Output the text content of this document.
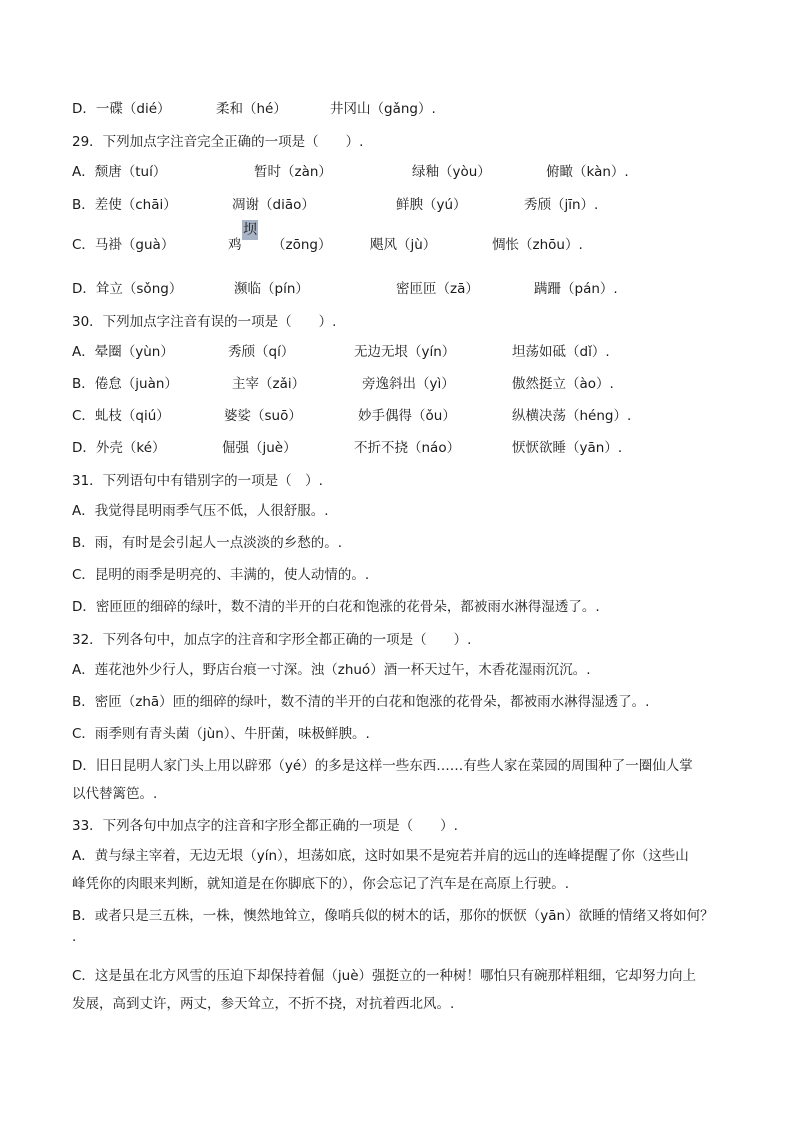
D．一碟（dié）	柔和（hé）	井冈山（gǎng）.
29．下列加点字注音完全正确的一项是（　　）.
A．颓唐（tuí）	暂时（zàn）	绿釉（yòu）	俯瞰（kàn）.
B．差使（chāi）	凋谢（diāo）	鲜腴（yú）	秀颀（jīn）.
C．马褂（guà）	鸡 （zōng）	飓风（jù）	惆怅（zhōu）.
D．耸立（sǒng）	濒临（pín）	密匝匝（zā）	蹒跚（pán）.
30．下列加点字注音有误的一项是（　　）.
A．晕圈（yùn）	秀颀（qí）	无边无垠（yín）	坦荡如砥（dǐ）.
B．倦怠（juàn）	主宰（zǎi）	旁逸斜出（yì）	傲然挺立（ào）.
C．虬枝（qiú）	婆娑（suō）	妙手偶得（ǒu）	纵横决荡（héng）.
D．外壳（ké）	倔强（juè）	不折不挠（náo）	恹恹欲睡（yān）.
31．下列语句中有错别字的一项是（　）.
A．我觉得昆明雨季气压不低，人很舒服。.
B．雨，有时是会引起人一点淡淡的乡愁的。.
C．昆明的雨季是明亮的、丰满的，使人动情的。.
D．密匝匝的细碎的绿叶，数不清的半开的白花和饱涨的花骨朵，都被雨水淋得湿透了。.
32．下列各句中，加点字的注音和字形全都正确的一项是（　　）.
A．莲花池外少行人，野店台痕一寸深。浊（zhuó）酒一杯天过午，木香花湿雨沉沉。.
B．密匝（zhā）匝的细碎的绿叶，数不清的半开的白花和饱涨的花骨朵，都被雨水淋得湿透了。.
C．雨季则有青头菌（jùn）、牛肝菌，味极鲜腴。.
D．旧日昆明人家门头上用以辟邪（yé）的多是这样一些东西……有些人家在菜园的周围种了一圈仙人掌
以代替篱笆。.
33．下列各句中加点字的注音和字形全都正确的一项是（　　）.
A．黄与绿主宰着，无边无垠（yín），坦荡如底，这时如果不是宛若并肩的远山的连峰提醒了你（这些山
峰凭你的肉眼来判断，就知道是在你脚底下的），你会忘记了汽车是在高原上行驶。.
B．或者只是三五株，一株，懊然地耸立，像哨兵似的树木的话，那你的恹恹（yān）欲睡的情绪又将如何？
.
C．这是虽在北方风雪的压迫下却保持着倔（juè）强挺立的一种树！哪怕只有碗那样粗细，它却努力向上
发展，高到丈许，两丈，参天耸立，不折不挠，对抗着西北风。.
坝
